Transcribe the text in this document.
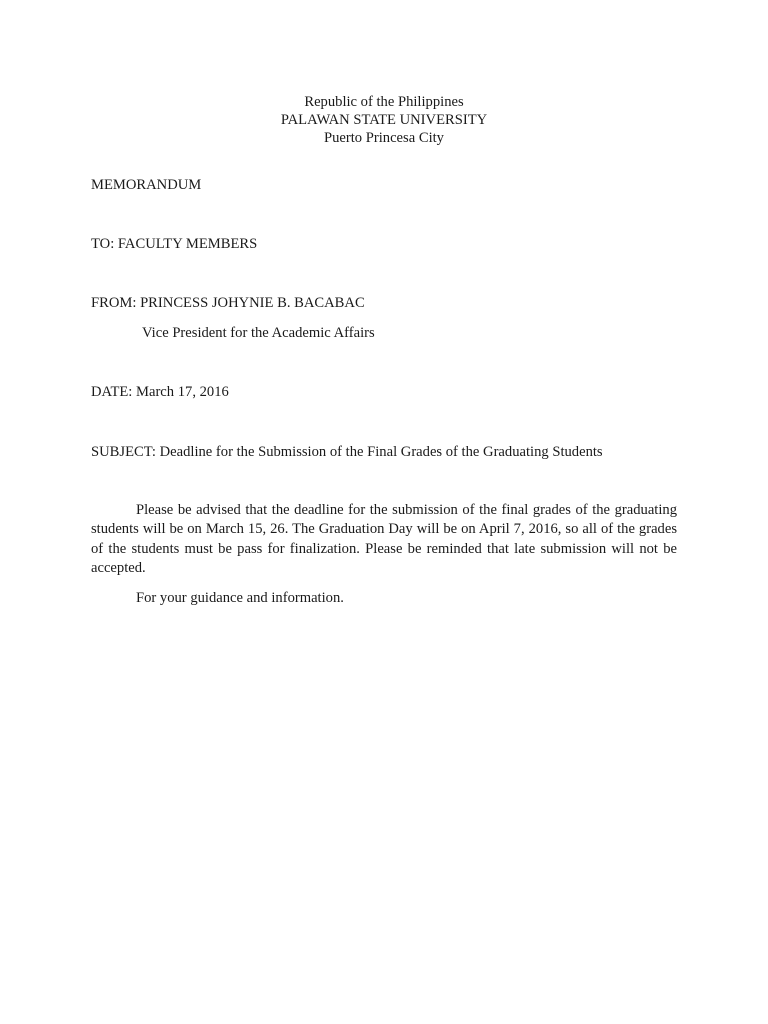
Republic of the Philippines
PALAWAN STATE UNIVERSITY
Puerto Princesa City
MEMORANDUM
TO: FACULTY MEMBERS
FROM: PRINCESS JOHYNIE B. BACABAC
Vice President for the Academic Affairs
DATE: March 17, 2016
SUBJECT: Deadline for the Submission of the Final Grades of the Graduating Students
Please be advised that the deadline for the submission of the final grades of the graduating students will be on March 15, 26. The Graduation Day will be on April 7, 2016, so all of the grades of the students must be pass for finalization. Please be reminded that late submission will not be accepted.
For your guidance and information.
